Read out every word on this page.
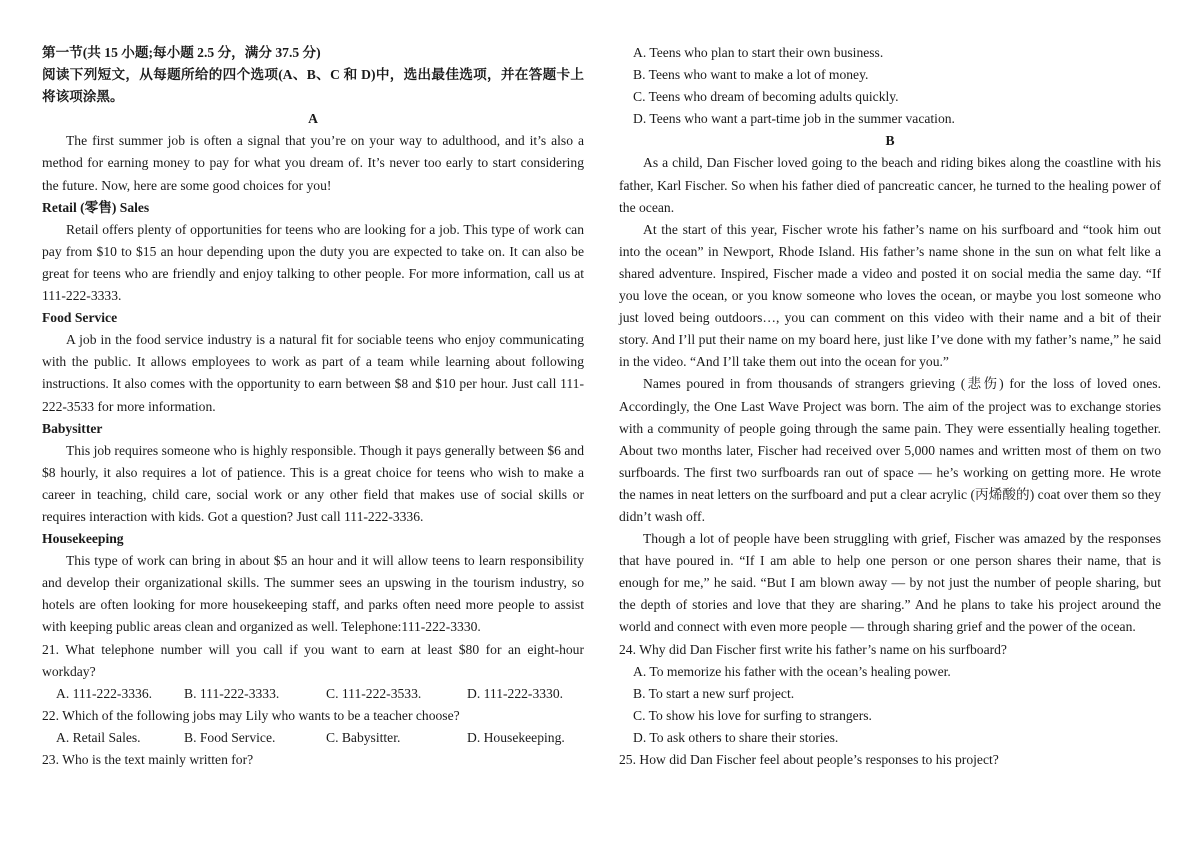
第一节(共 15 小题;每小题 2.5 分，满分 37.5 分)

阅读下列短文，从每题所给的四个选项(A、B、C 和 D)中，选出最佳选项，并在答题卡上将该项涂黑。

A

The first summer job is often a signal that you’re on your way to adulthood, and it’s also a method for earning money to pay for what you dream of. It’s never too early to start considering the future. Now, here are some good choices for you!

Retail (零售) Sales

Retail offers plenty of opportunities for teens who are looking for a job. This type of work can pay from $10 to $15 an hour depending upon the duty you are expected to take on. It can also be great for teens who are friendly and enjoy talking to other people. For more information, call us at 111-222-3333.

Food Service

A job in the food service industry is a natural fit for sociable teens who enjoy communicating with the public. It allows employees to work as part of a team while learning about following instructions. It also comes with the opportunity to earn between $8 and $10 per hour. Just call 111-222-3533 for more information.

Babysitter

This job requires someone who is highly responsible. Though it pays generally between $6 and $8 hourly, it also requires a lot of patience. This is a great choice for teens who wish to make a career in teaching, child care, social work or any other field that makes use of social skills or requires interaction with kids. Got a question? Just call 111-222-3336.

Housekeeping

This type of work can bring in about $5 an hour and it will allow teens to learn responsibility and develop their organizational skills. The summer sees an upswing in the tourism industry, so hotels are often looking for more housekeeping staff, and parks often need more people to assist with keeping public areas clean and organized as well. Telephone:111-222-3330.

21. What telephone number will you call if you want to earn at least $80 for an eight-hour workday?

A. 111-222-3336.	B. 111-222-3333.	C. 111-222-3533.	D. 111-222-3330.

22. Which of the following jobs may Lily who wants to be a teacher choose?

A. Retail Sales.	B. Food Service.	C. Babysitter.	D. Housekeeping.

23. Who is the text mainly written for?

A. Teens who plan to start their own business.

B. Teens who want to make a lot of money.

C. Teens who dream of becoming adults quickly.

D. Teens who want a part-time job in the summer vacation.

B

As a child, Dan Fischer loved going to the beach and riding bikes along the coastline with his father, Karl Fischer. So when his father died of pancreatic cancer, he turned to the healing power of the ocean.

At the start of this year, Fischer wrote his father’s name on his surfboard and “took him out into the ocean” in Newport, Rhode Island. His father’s name shone in the sun on what felt like a shared adventure. Inspired, Fischer made a video and posted it on social media the same day. “If you love the ocean, or you know someone who loves the ocean, or maybe you lost someone who just loved being outdoors…, you can comment on this video with their name and a bit of their story. And I’ll put their name on my board here, just like I’ve done with my father’s name,” he said in the video. “And I’ll take them out into the ocean for you.”

Names poured in from thousands of strangers grieving (悲伤) for the loss of loved ones. Accordingly, the One Last Wave Project was born. The aim of the project was to exchange stories with a community of people going through the same pain. They were essentially healing together. About two months later, Fischer had received over 5,000 names and written most of them on two surfboards. The first two surfboards ran out of space — he’s working on getting more. He wrote the names in neat letters on the surfboard and put a clear acrylic (丙烯酸的) coat over them so they didn’t wash off.

Though a lot of people have been struggling with grief, Fischer was amazed by the responses that have poured in. “If I am able to help one person or one person shares their name, that is enough for me,” he said. “But I am blown away — by not just the number of people sharing, but the depth of stories and love that they are sharing.” And he plans to take his project around the world and connect with even more people — through sharing grief and the power of the ocean.

24. Why did Dan Fischer first write his father’s name on his surfboard?

A. To memorize his father with the ocean’s healing power.

B. To start a new surf project.

C. To show his love for surfing to strangers.

D. To ask others to share their stories.

25. How did Dan Fischer feel about people’s responses to his project?
